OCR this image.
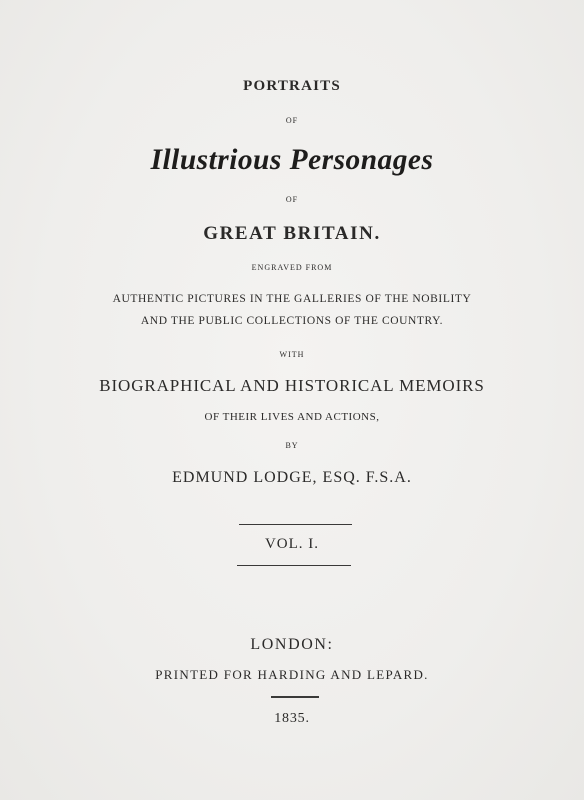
PORTRAITS
OF
Illustrious Personages
OF
GREAT BRITAIN.
ENGRAVED FROM
AUTHENTIC PICTURES IN THE GALLERIES OF THE NOBILITY
AND THE PUBLIC COLLECTIONS OF THE COUNTRY.
WITH
BIOGRAPHICAL AND HISTORICAL MEMOIRS
OF THEIR LIVES AND ACTIONS,
BY
EDMUND LODGE, ESQ. F.S.A.
VOL. I.
LONDON:
PRINTED FOR HARDING AND LEPARD.
1835.
